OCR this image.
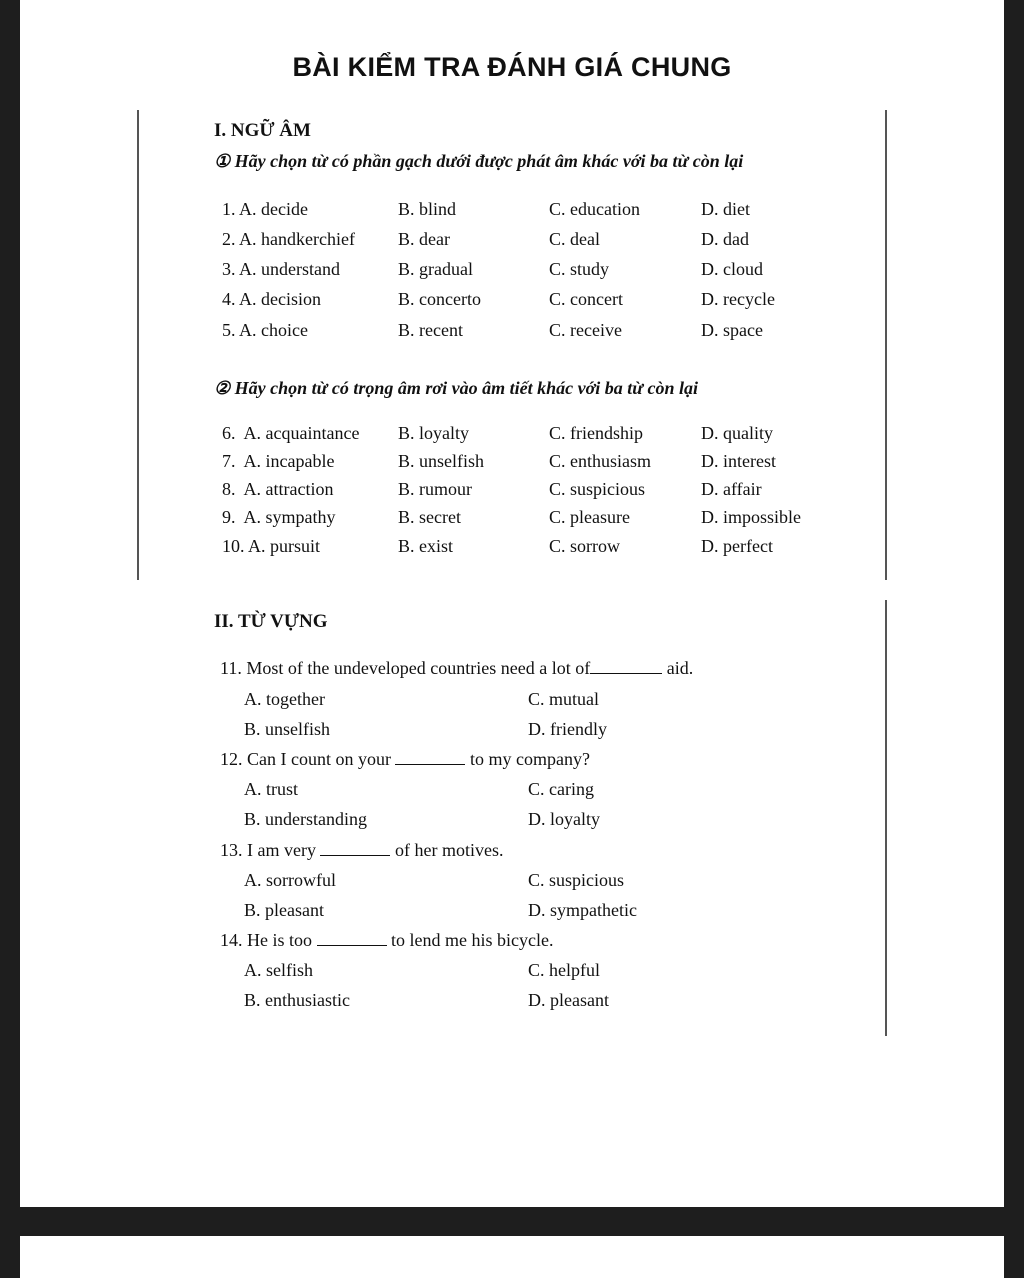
BÀI KIỂM TRA ĐÁNH GIÁ CHUNG
I. NGỮ ÂM
① Hãy chọn từ có phần gạch dưới được phát âm khác với ba từ còn lại
1. A. decide	B. blind	C. education	D. diet
2. A. handkerchief B. dear	C. deal	D. dad
3. A. understand	B. gradual	C. study	D. cloud
4. A. decision	B. concerto	C. concert	D. recycle
5. A. choice	B. recent	C. receive	D. space
② Hãy chọn từ có trọng âm rơi vào âm tiết khác với ba từ còn lại
6.  A. acquaintance B. loyalty	C. friendship	D. quality
7.  A. incapable	B. unselfish	C. enthusiasm	D. interest
8.  A. attraction	B. rumour	C. suspicious	D. affair
9.  A. sympathy	B. secret	C. pleasure	D. impossible
10. A. pursuit	B. exist	C. sorrow	D. perfect
II. TỪ VỰNG
11. Most of the undeveloped countries need a lot of	aid.
A. together	C. mutual
B. unselfish	D. friendly
12. Can I count on your	to my company?
A. trust	C. caring
B. understanding	D. loyalty
13. I am very	of her motives.
A. sorrowful	C. suspicious
B. pleasant	D. sympathetic
14. He is too	to lend me his bicycle.
A. selfish	C. helpful
B. enthusiastic	D. pleasant
